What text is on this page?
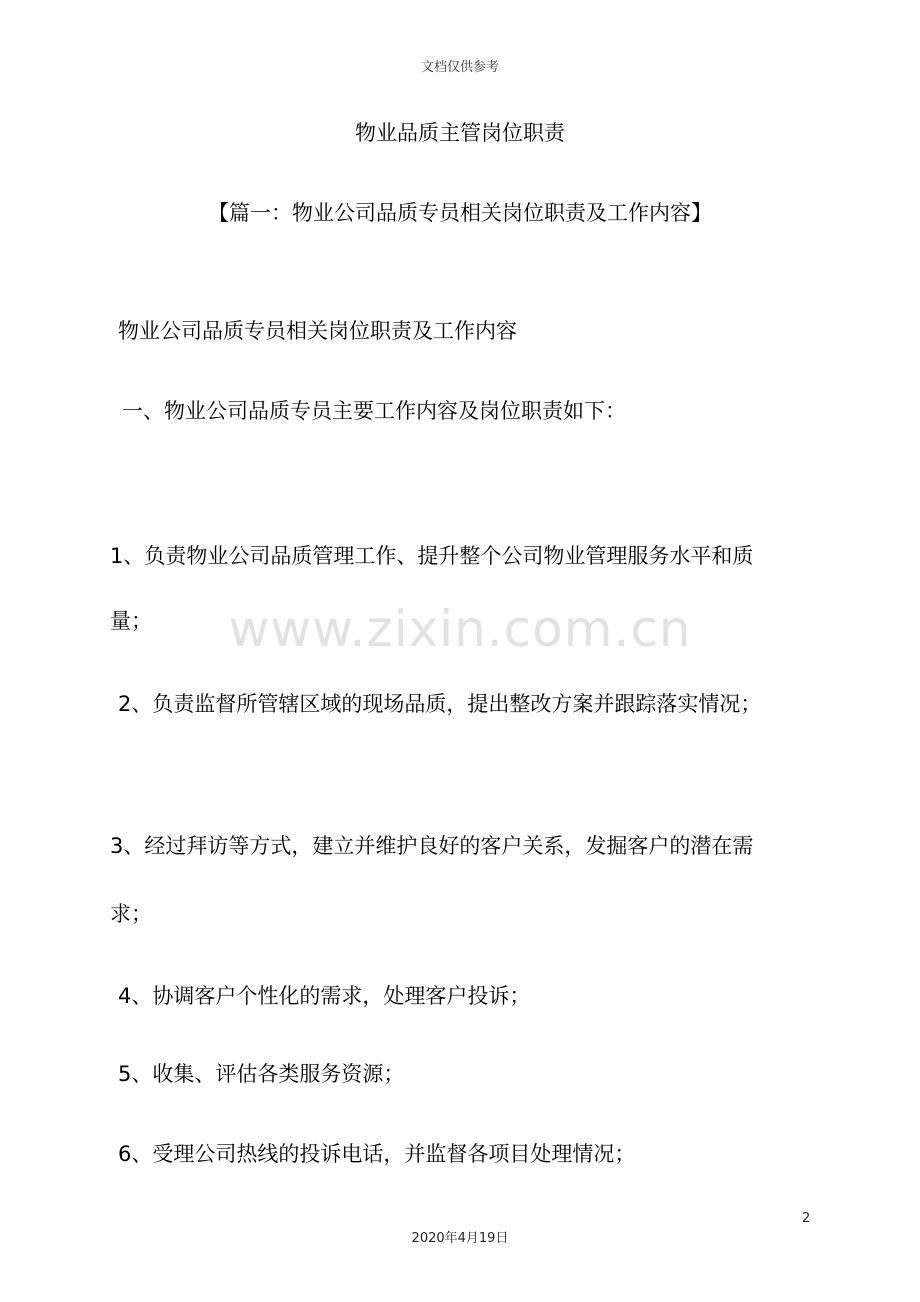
文档仅供参考
物业品质主管岗位职责
【篇一：物业公司品质专员相关岗位职责及工作内容】
物业公司品质专员相关岗位职责及工作内容
一、物业公司品质专员主要工作内容及岗位职责如下：
1、负责物业公司品质管理工作、提升整个公司物业管理服务水平和质
量；
2、负责监督所管辖区域的现场品质，提出整改方案并跟踪落实情况；
3、经过拜访等方式，建立并维护良好的客户关系，发掘客户的潜在需
求；
4、协调客户个性化的需求，处理客户投诉；
5、收集、评估各类服务资源；
6、受理公司热线的投诉电话，并监督各项目处理情况；
www.zixin.com.cn
2
2020年4月19日
